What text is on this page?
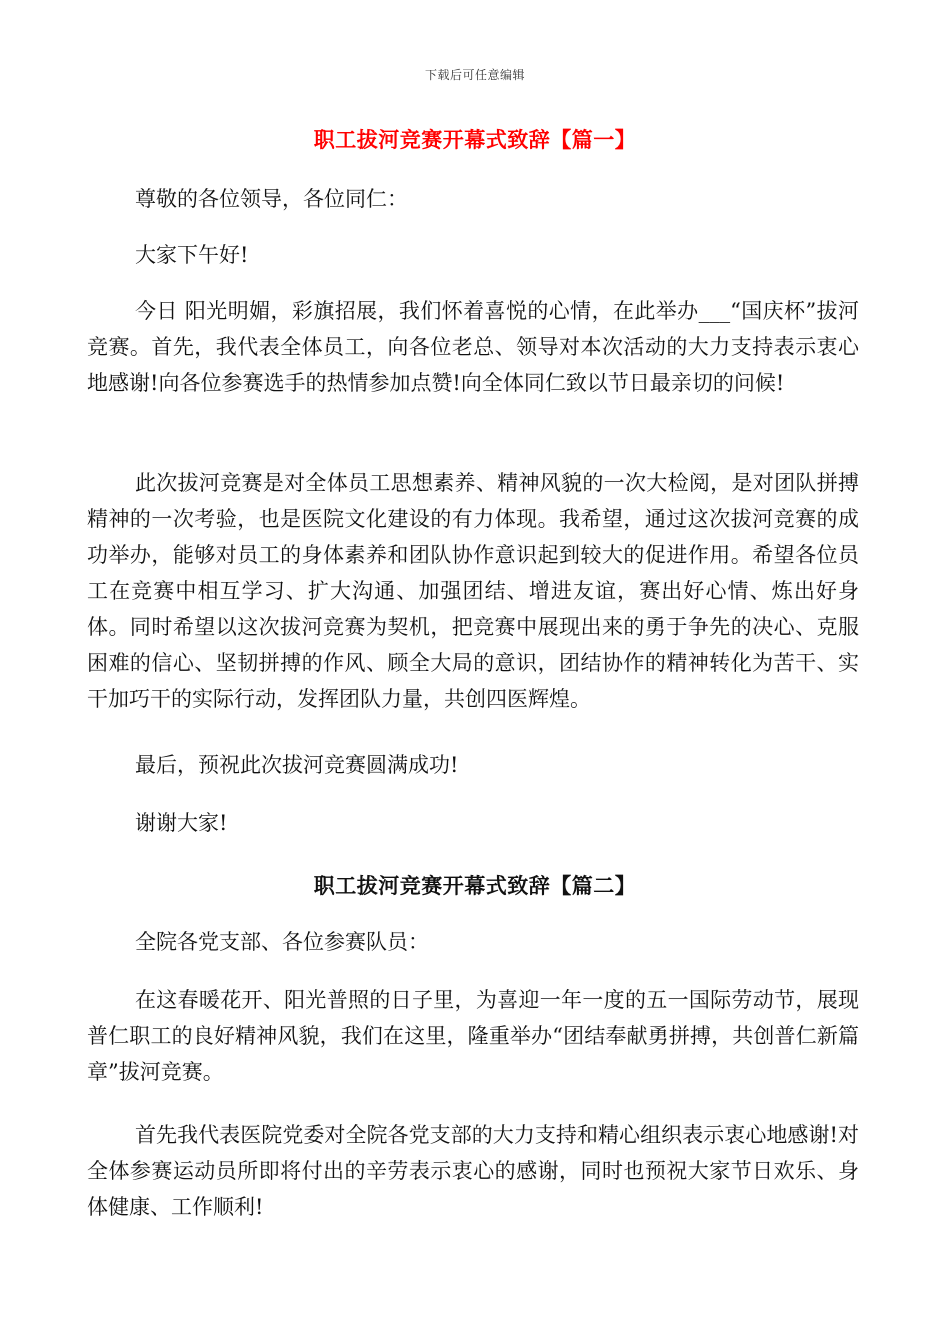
下载后可任意编辑
职工拔河竞赛开幕式致辞【篇一】
尊敬的各位领导，各位同仁：
大家下午好!
今日 阳光明媚，彩旗招展，我们怀着喜悦的心情，在此举办___“国庆杯”拔河竞赛。首先，我代表全体员工，向各位老总、领导对本次活动的大力支持表示衷心地感谢!向各位参赛选手的热情参加点赞!向全体同仁致以节日最亲切的问候!
此次拔河竞赛是对全体员工思想素养、精神风貌的一次大检阅，是对团队拼搏精神的一次考验，也是医院文化建设的有力体现。我希望，通过这次拔河竞赛的成功举办，能够对员工的身体素养和团队协作意识起到较大的促进作用。希望各位员工在竞赛中相互学习、扩大沟通、加强团结、增进友谊，赛出好心情、炼出好身体。同时希望以这次拔河竞赛为契机，把竞赛中展现出来的勇于争先的决心、克服困难的信心、坚韧拼搏的作风、顾全大局的意识，团结协作的精神转化为苦干、实干加巧干的实际行动，发挥团队力量，共创四医辉煌。
最后，预祝此次拔河竞赛圆满成功!
谢谢大家!
职工拔河竞赛开幕式致辞【篇二】
全院各党支部、各位参赛队员：
在这春暖花开、阳光普照的日子里，为喜迎一年一度的五一国际劳动节，展现普仁职工的良好精神风貌，我们在这里，隆重举办“团结奉献勇拼搏，共创普仁新篇章”拔河竞赛。
首先我代表医院党委对全院各党支部的大力支持和精心组织表示衷心地感谢!对全体参赛运动员所即将付出的辛劳表示衷心的感谢，同时也预祝大家节日欢乐、身体健康、工作顺利!
